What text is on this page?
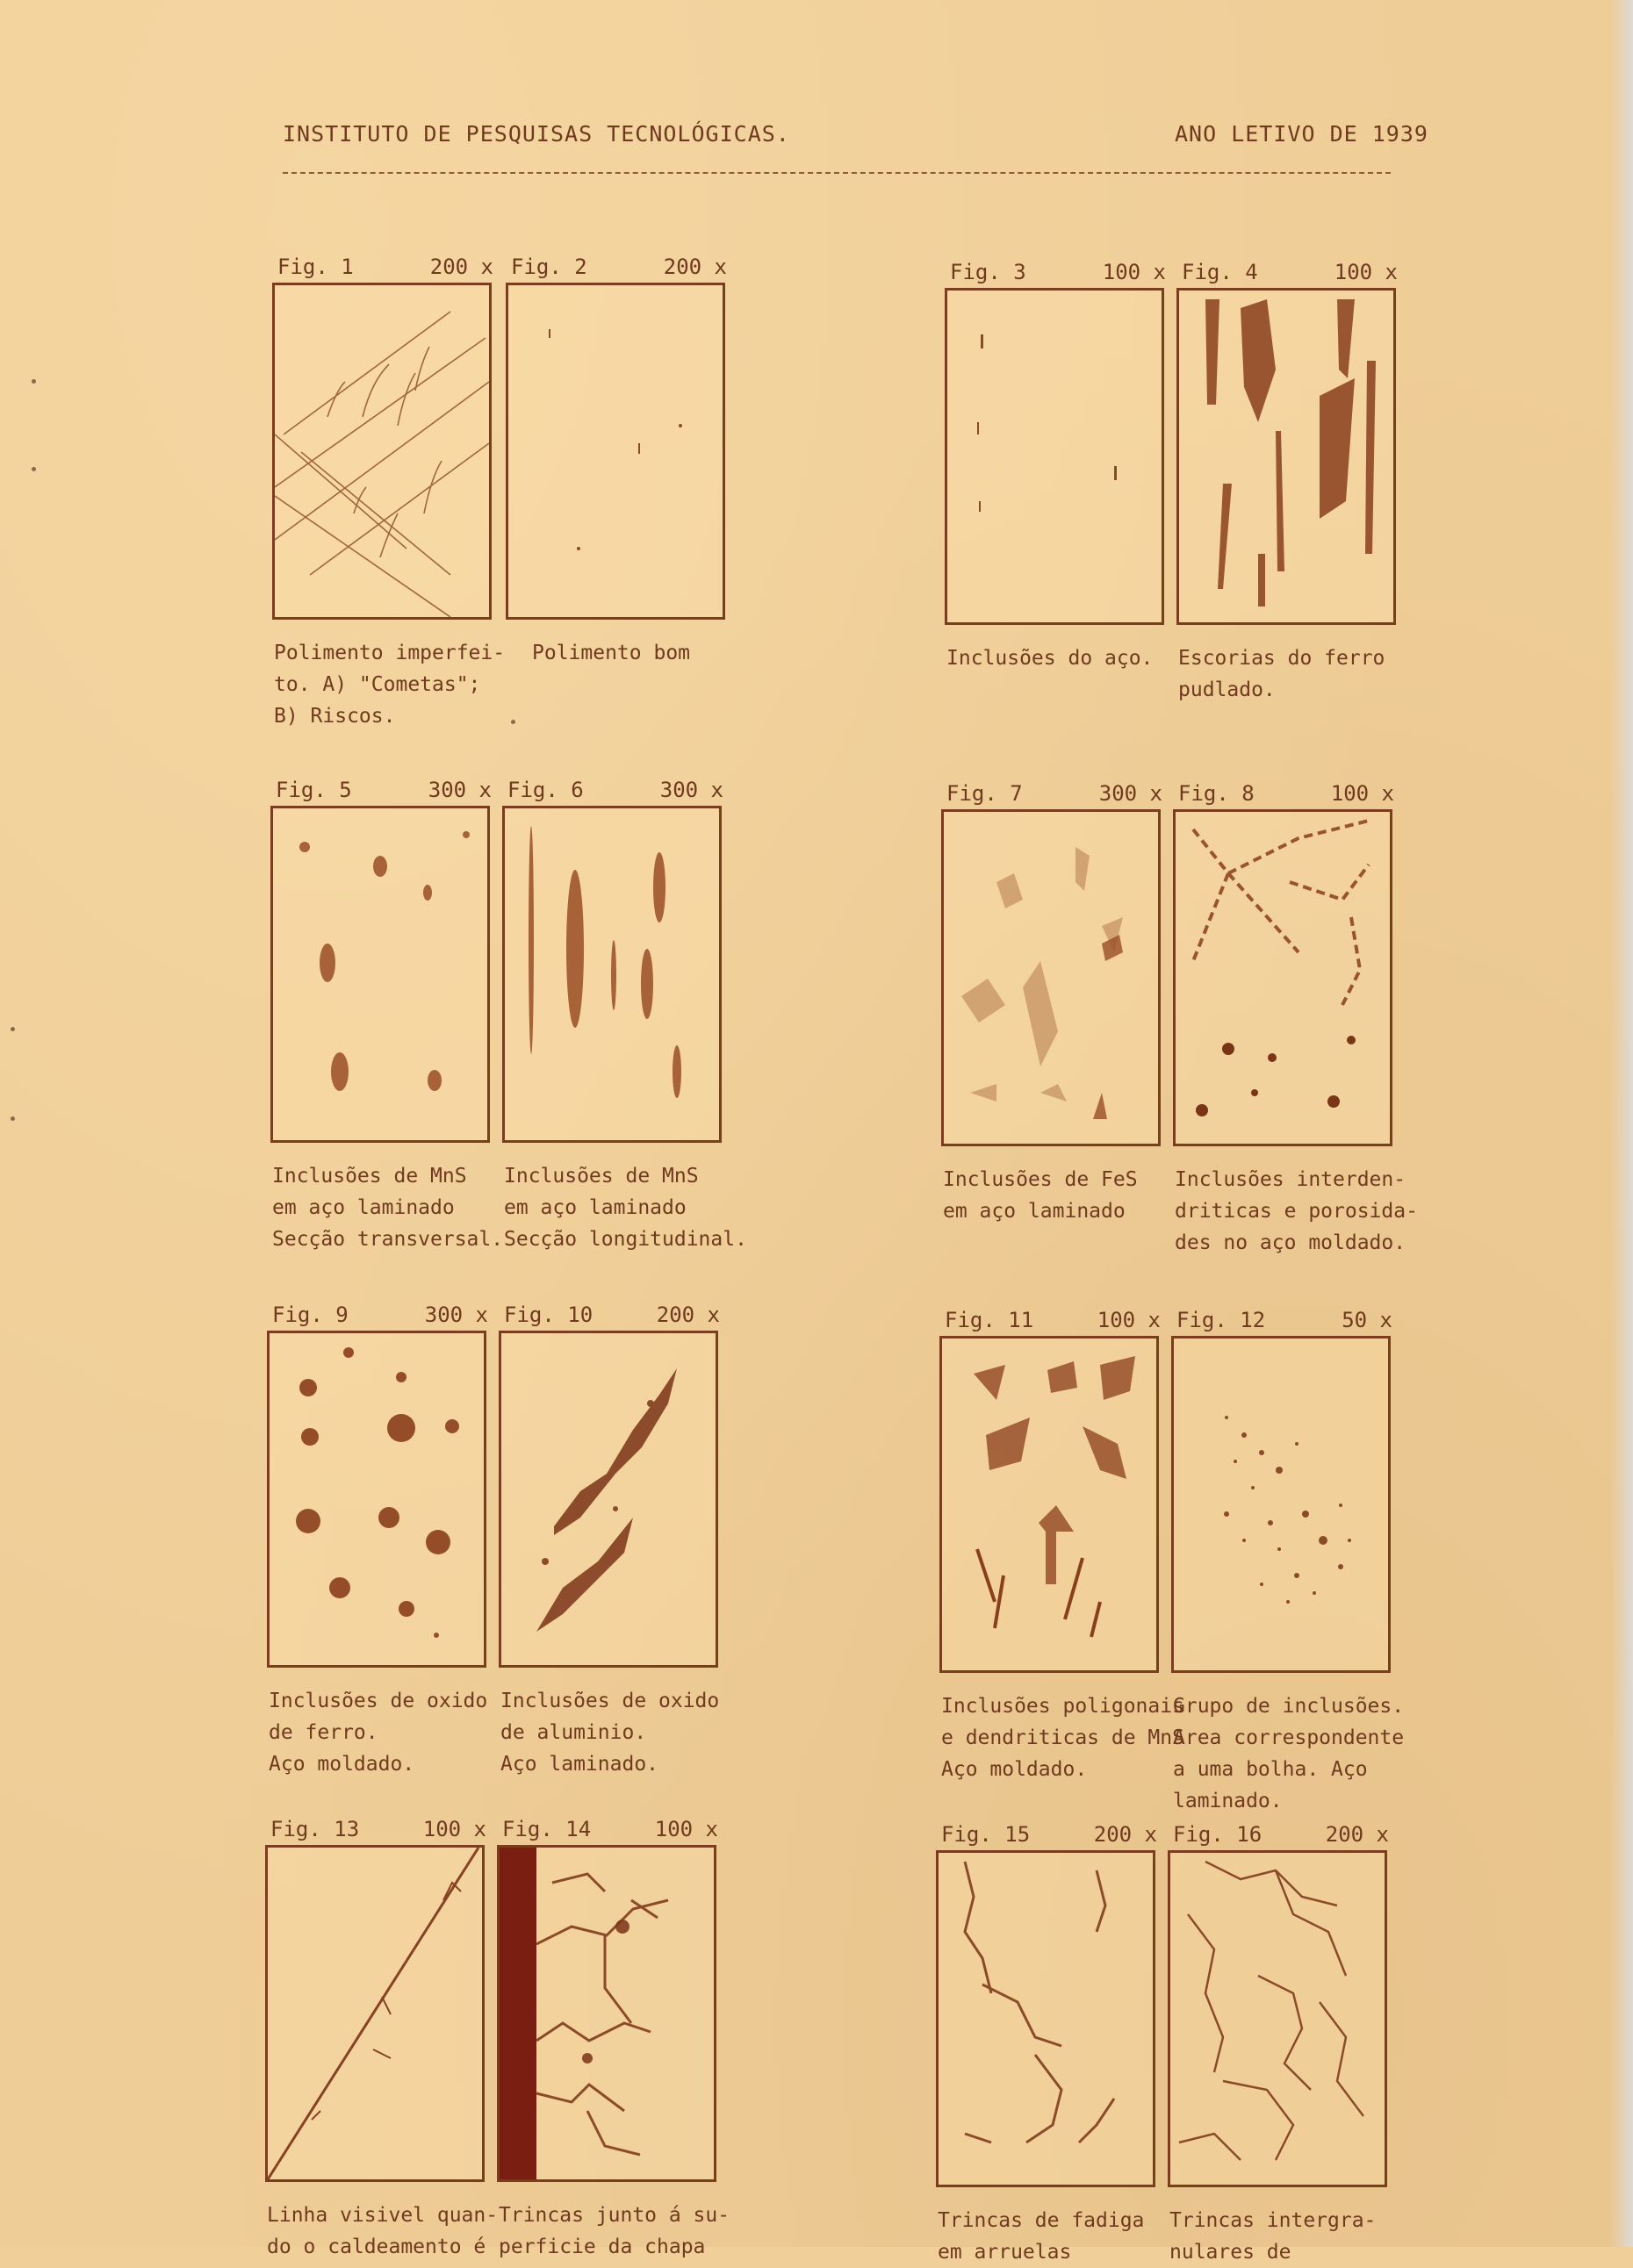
INSTITUTO DE PESQUISAS TECNOLÓGICAS.	ANO LETIVO DE 1939
Fig. 1	200 x
Polimento imperfei-
to. A) "Cometas";
B) Riscos.
Fig. 2	200 x
Polimento bom
Fig. 3	100 x
Inclusões do aço.
Fig. 4	100 x
Escorias do ferro
pudlado.
Fig. 5	300 x
Inclusões de MnS
em aço laminado
Secção transversal.
Fig. 6	300 x
Inclusões de MnS
em aço laminado
Secção longitudinal.
Fig. 7	300 x
Inclusões de FeS
em aço laminado
Fig. 8	100 x
Inclusões interden-
driticas e porosida-
des no aço moldado.
Fig. 9	300 x
Inclusões de oxido
de ferro.
Aço moldado.
Fig. 10	200 x
Inclusões de oxido
de aluminio.
Aço laminado.
Fig. 11	100 x
Inclusões poligonais
e dendriticas de MnS
Aço moldado.
Fig. 12	50 x
Grupo de inclusões.
Area correspondente
a uma bolha. Aço
laminado.
Fig. 13	100 x
Linha visivel quan-
do o caldeamento é
Fig. 14	100 x
Trincas junto á su-
perficie da chapa
Fig. 15	200 x
Trincas de fadiga
em arruelas
Fig. 16	200 x
Trincas intergra-
nulares de
